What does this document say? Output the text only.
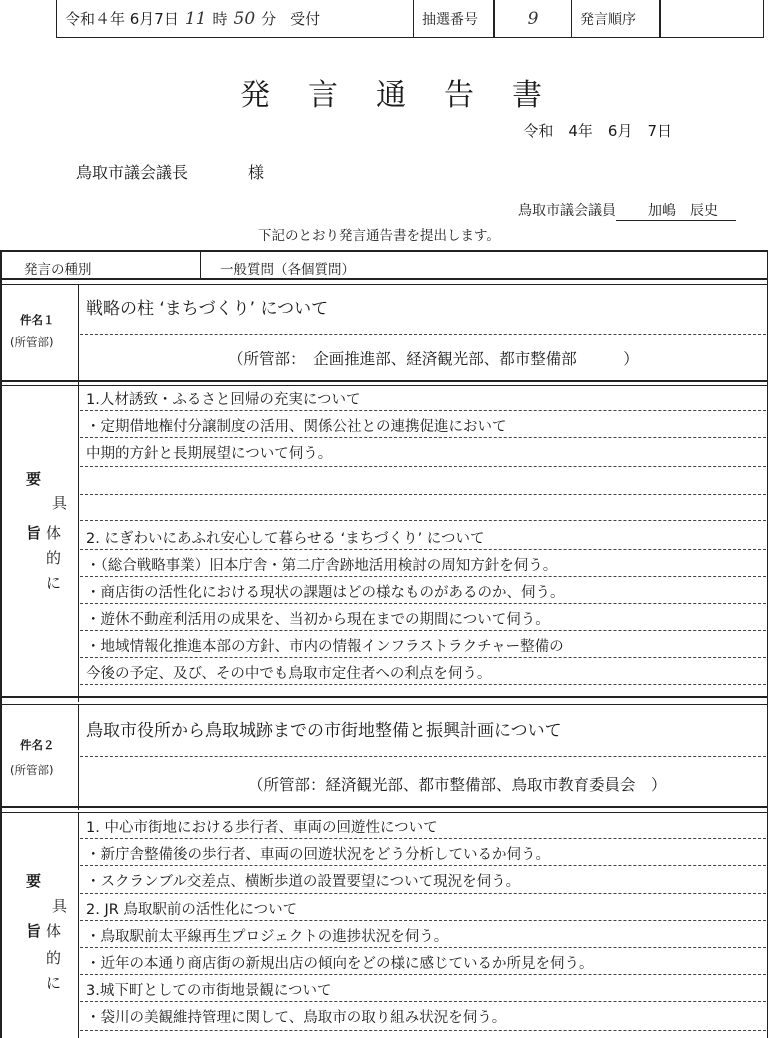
令和４年 6月7日 11 時 50 分 受付	抽選番号	9	発言順序
発言通告書
令和　4年　6月　7日
鳥取市議会議長	様
鳥取市議会議員 加嶋　辰史
下記のとおり発言通告書を提出します。
発言の種別	一般質問（各個質問）
件名１
(所管部)
戦略の柱 ‘まちづくり’ について
（所管部：　企画推進部、経済観光部、都市整備部　　　）
要
旨
具
体
的
に
1.人材誘致・ふるさと回帰の充実について
・定期借地権付分譲制度の活用、関係公社との連携促進において
中期的方針と長期展望について伺う。
2. にぎわいにあふれ安心して暮らせる ‘まちづくり’ について
・（総合戦略事業）旧本庁舎・第二庁舎跡地活用検討の周知方針を伺う。
・商店街の活性化における現状の課題はどの様なものがあるのか、伺う。
・遊休不動産利活用の成果を、当初から現在までの期間について伺う。
・地域情報化推進本部の方針、市内の情報インフラストラクチャー整備の
今後の予定、及び、その中でも鳥取市定住者への利点を伺う。
件名２
(所管部)
鳥取市役所から鳥取城跡までの市街地整備と振興計画について
（所管部：経済観光部、都市整備部、鳥取市教育委員会　）
要
旨
具
体
的
に
1. 中心市街地における歩行者、車両の回遊性について
・新庁舎整備後の歩行者、車両の回遊状況をどう分析しているか伺う。
・スクランブル交差点、横断歩道の設置要望について現況を伺う。
2. JR 鳥取駅前の活性化について
・鳥取駅前太平線再生プロジェクトの進捗状況を伺う。
・近年の本通り商店街の新規出店の傾向をどの様に感じているか所見を伺う。
3.城下町としての市街地景観について
・袋川の美観維持管理に関して、鳥取市の取り組み状況を伺う。
